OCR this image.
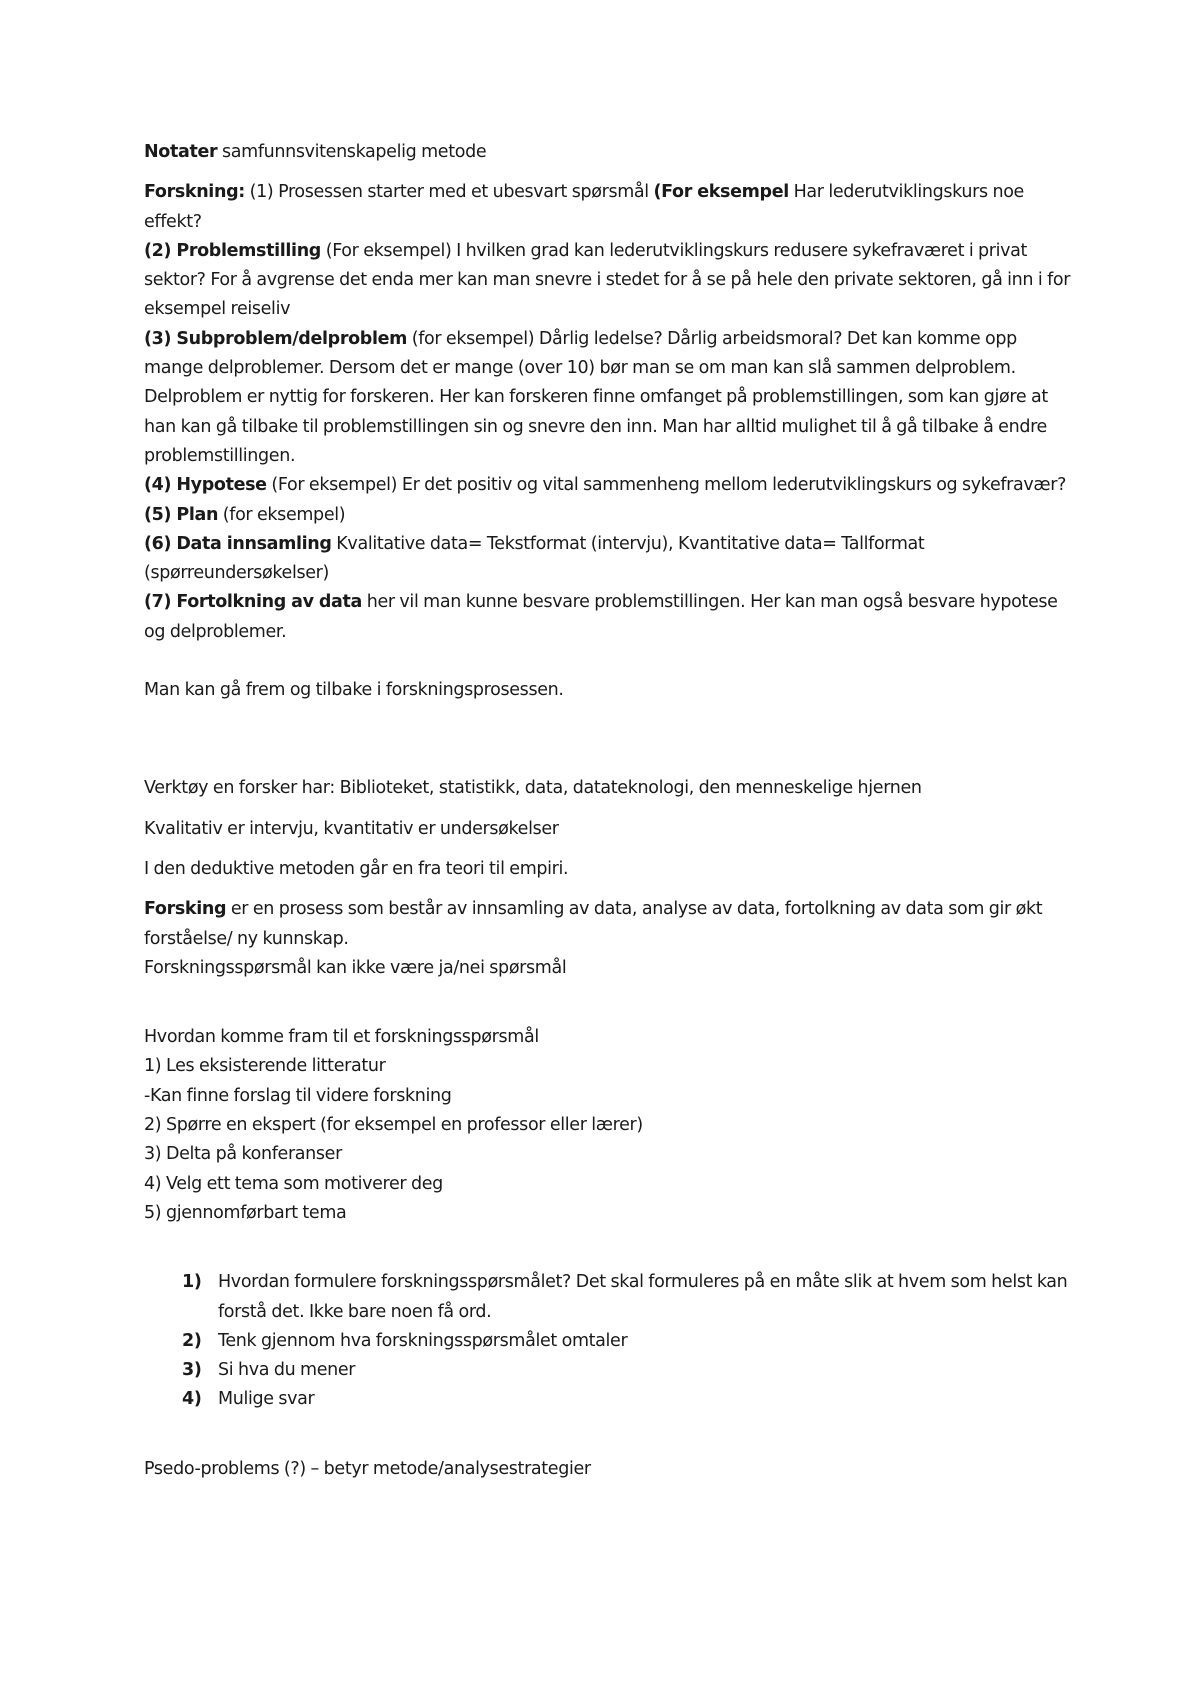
Notater samfunnsvitenskapelig metode

Forskning: (1) Prosessen starter med et ubesvart spørsmål (For eksempel Har lederutviklingskurs noe effekt?

(2) Problemstilling (For eksempel) I hvilken grad kan lederutviklingskurs redusere sykefraværet i privat sektor? For å avgrense det enda mer kan man snevre i stedet for å se på hele den private sektoren, gå inn i for eksempel reiseliv

(3) Subproblem/delproblem (for eksempel) Dårlig ledelse? Dårlig arbeidsmoral? Det kan komme opp mange delproblemer. Dersom det er mange (over 10) bør man se om man kan slå sammen delproblem. Delproblem er nyttig for forskeren. Her kan forskeren finne omfanget på problemstillingen, som kan gjøre at han kan gå tilbake til problemstillingen sin og snevre den inn. Man har alltid mulighet til å gå tilbake å endre problemstillingen.

(4) Hypotese (For eksempel) Er det positiv og vital sammenheng mellom lederutviklingskurs og sykefravær?

(5) Plan (for eksempel)

(6) Data innsamling Kvalitative data= Tekstformat (intervju), Kvantitative data= Tallformat (spørreundersøkelser)

(7) Fortolkning av data her vil man kunne besvare problemstillingen. Her kan man også besvare hypotese og delproblemer.

Man kan gå frem og tilbake i forskningsprosessen.

Verktøy en forsker har: Biblioteket, statistikk, data, datateknologi, den menneskelige hjernen

Kvalitativ er intervju, kvantitativ er undersøkelser

I den deduktive metoden går en fra teori til empiri.

Forsking er en prosess som består av innsamling av data, analyse av data, fortolkning av data som gir økt forståelse/ ny kunnskap.

Forskningsspørsmål kan ikke være ja/nei spørsmål

Hvordan komme fram til et forskningsspørsmål

1) Les eksisterende litteratur

-Kan finne forslag til videre forskning

2) Spørre en ekspert (for eksempel en professor eller lærer)

3) Delta på konferanser

4) Velg ett tema som motiverer deg

5) gjennomførbart tema

1) Hvordan formulere forskningsspørsmålet? Det skal formuleres på en måte slik at hvem som helst kan forstå det. Ikke bare noen få ord.
2) Tenk gjennom hva forskningsspørsmålet omtaler
3) Si hva du mener
4) Mulige svar

Psedo-problems (?) – betyr metode/analysestrategier
